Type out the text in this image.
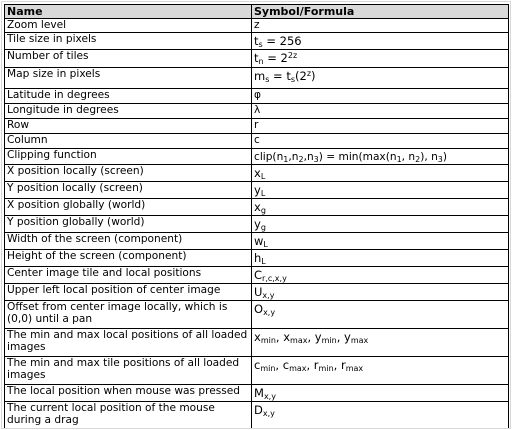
Name	Symbol/Formula
Zoom level	z
Tile size in pixels	$t_s = 256$
Number of tiles	$t_n = 2^{2z}$
Map size in pixels	$m_s = t_s(2^z)$
Latitude in degrees	φ
Longitude in degrees	λ
Row	r
Column	c
Clipping function	$clip(n_1,n_2,n_3) = \min(\max(n_1$, $n_2$), $n_3$)
X position locally (screen)	$x_L$
Y position locally (screen)	$y_L$
X position globally (world)	$x_g$
Y position globally (world)	$y_g$
Width of the screen (component)	$w_L$
Height of the screen (component)	$h_L$
Center image tile and local positions	$C_{r,c,x,y}$
Upper left local position of center image	$U_{x,y}$
Offset from center image locally, which is (0,0) until a pan	$O_{x,y}$
The min and max local positions of all loaded images	$x_{min}$, $x_{max}$, $y_{min}$, $y_{max}$
The min and max tile positions of all loaded images	$c_{min}$, $c_{max}$, $r_{min}$, $r_{max}$
The local position when mouse was pressed	$M_{x,y}$
The current local position of the mouse during a drag	$D_{x,y}$
